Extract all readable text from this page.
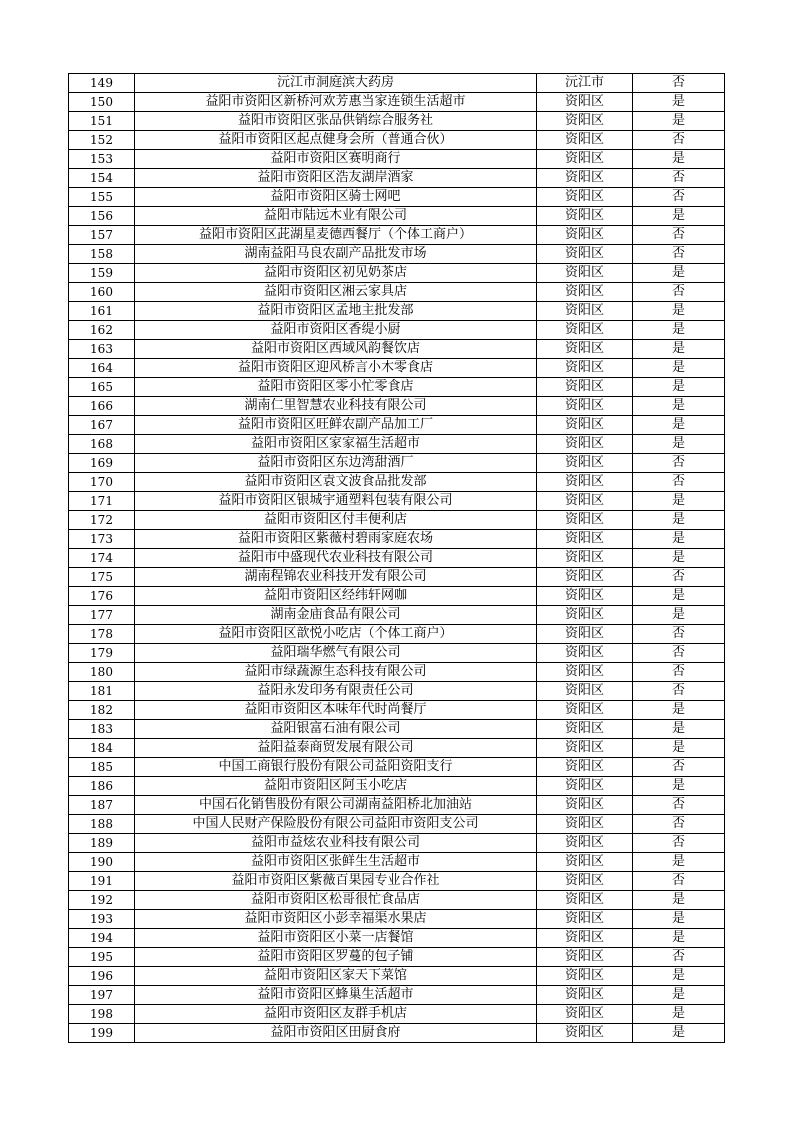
149	沅江市洞庭滨大药房	沅江市	否
150	益阳市资阳区新桥河欢芳惠当家连锁生活超市	资阳区	是
151	益阳市资阳区张品供销综合服务社	资阳区	是
152	益阳市资阳区起点健身会所（普通合伙）	资阳区	否
153	益阳市资阳区赛明商行	资阳区	是
154	益阳市资阳区浩友湖岸酒家	资阳区	否
155	益阳市资阳区骑士网吧	资阳区	否
156	益阳市陆远木业有限公司	资阳区	是
157	益阳市资阳区茈湖星麦德西餐厅（个体工商户）	资阳区	否
158	湖南益阳马良农副产品批发市场	资阳区	否
159	益阳市资阳区初见奶茶店	资阳区	是
160	益阳市资阳区湘云家具店	资阳区	否
161	益阳市资阳区孟地主批发部	资阳区	是
162	益阳市资阳区香缇小厨	资阳区	是
163	益阳市资阳区西域风韵餐饮店	资阳区	是
164	益阳市资阳区迎风桥言小木零食店	资阳区	是
165	益阳市资阳区零小忙零食店	资阳区	是
166	湖南仁里智慧农业科技有限公司	资阳区	是
167	益阳市资阳区旺鲜农副产品加工厂	资阳区	是
168	益阳市资阳区家家福生活超市	资阳区	是
169	益阳市资阳区东边湾甜酒厂	资阳区	否
170	益阳市资阳区袁文波食品批发部	资阳区	否
171	益阳市资阳区银城宇通塑料包装有限公司	资阳区	是
172	益阳市资阳区付丰便利店	资阳区	是
173	益阳市资阳区紫薇村碧雨家庭农场	资阳区	是
174	益阳市中盛现代农业科技有限公司	资阳区	是
175	湖南程锦农业科技开发有限公司	资阳区	否
176	益阳市资阳区经纬轩网咖	资阳区	是
177	湖南金庙食品有限公司	资阳区	是
178	益阳市资阳区歆悦小吃店（个体工商户）	资阳区	否
179	益阳瑞华燃气有限公司	资阳区	否
180	益阳市绿蔬源生态科技有限公司	资阳区	否
181	益阳永发印务有限责任公司	资阳区	否
182	益阳市资阳区本味年代时尚餐厅	资阳区	是
183	益阳银富石油有限公司	资阳区	是
184	益阳益泰商贸发展有限公司	资阳区	是
185	中国工商银行股份有限公司益阳资阳支行	资阳区	否
186	益阳市资阳区阿玉小吃店	资阳区	是
187	中国石化销售股份有限公司湖南益阳桥北加油站	资阳区	否
188	中国人民财产保险股份有限公司益阳市资阳支公司	资阳区	否
189	益阳市益炫农业科技有限公司	资阳区	否
190	益阳市资阳区张鲜生生活超市	资阳区	是
191	益阳市资阳区紫薇百果园专业合作社	资阳区	否
192	益阳市资阳区松哥很忙食品店	资阳区	是
193	益阳市资阳区小彭幸福渠水果店	资阳区	是
194	益阳市资阳区小菜一店餐馆	资阳区	是
195	益阳市资阳区罗蔓的包子铺	资阳区	否
196	益阳市资阳区家天下菜馆	资阳区	是
197	益阳市资阳区蜂巢生活超市	资阳区	是
198	益阳市资阳区友群手机店	资阳区	是
199	益阳市资阳区田厨食府	资阳区	是
